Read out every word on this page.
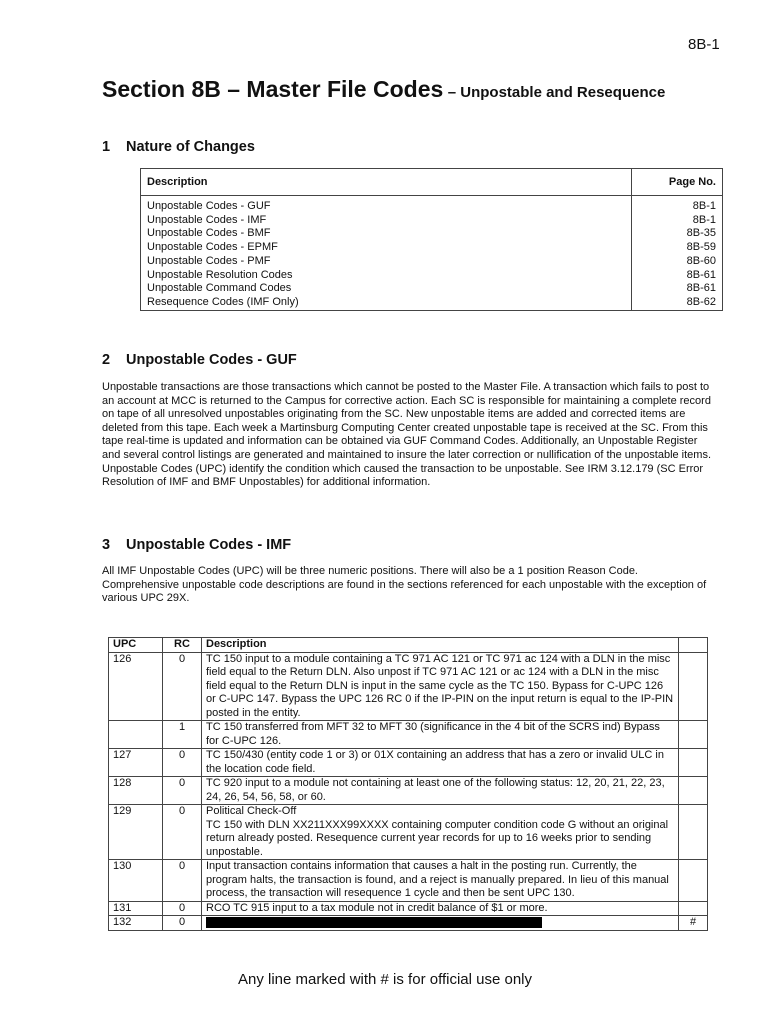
8B-1
Section 8B – Master File Codes – Unpostable and Resequence
1 Nature of Changes
Description	Page No.
Unpostable Codes - GUF	8B-1
Unpostable Codes - IMF	8B-1
Unpostable Codes - BMF	8B-35
Unpostable Codes - EPMF	8B-59
Unpostable Codes - PMF	8B-60
Unpostable Resolution Codes	8B-61
Unpostable Command Codes	8B-61
Resequence Codes (IMF Only)	8B-62
2 Unpostable Codes - GUF
Unpostable transactions are those transactions which cannot be posted to the Master File. A transaction which fails to post to an account at MCC is returned to the Campus for corrective action. Each SC is responsible for maintaining a complete record on tape of all unresolved unpostables originating from the SC. New unpostable items are added and corrected items are deleted from this tape. Each week a Martinsburg Computing Center created unpostable tape is received at the SC. From this tape real-time is updated and information can be obtained via GUF Command Codes. Additionally, an Unpostable Register and several control listings are generated and maintained to insure the later correction or nullification of the unpostable items. Unpostable Codes (UPC) identify the condition which caused the transaction to be unpostable. See IRM 3.12.179 (SC Error Resolution of IMF and BMF Unpostables) for additional information.
3 Unpostable Codes - IMF
All IMF Unpostable Codes (UPC) will be three numeric positions. There will also be a 1 position Reason Code. Comprehensive unpostable code descriptions are found in the sections referenced for each unpostable with the exception of various UPC 29X.
UPC	RC	Description	
126	0	TC 150 input to a module containing a TC 971 AC 121 or TC 971 ac 124 with a DLN in the misc field equal to the Return DLN. Also unpost if TC 971 AC 121 or ac 124 with a DLN in the misc field equal to the Return DLN is input in the same cycle as the TC 150. Bypass for C-UPC 126 or C-UPC 147. Bypass the UPC 126 RC 0 if the IP-PIN on the input return is equal to the IP-PIN posted in the entity.	
	1	TC 150 transferred from MFT 32 to MFT 30 (significance in the 4 bit of the SCRS ind) Bypass for C-UPC 126.	
127	0	TC 150/430 (entity code 1 or 3) or 01X containing an address that has a zero or invalid ULC in the location code field.	
128	0	TC 920 input to a module not containing at least one of the following status: 12, 20, 21, 22, 23, 24, 26, 54, 56, 58, or 60.	
129	0	Political Check-Off
TC 150 with DLN XX211XXX99XXXX containing computer condition code G without an original return already posted. Resequence current year records for up to 16 weeks prior to sending unpostable.	
130	0	Input transaction contains information that causes a halt in the posting run. Currently, the program halts, the transaction is found, and a reject is manually prepared. In lieu of this manual process, the transaction will resequence 1 cycle and then be sent UPC 130.	
131	0	RCO TC 915 input to a tax module not in credit balance of $1 or more.	
132	0		#
Any line marked with # is for official use only
